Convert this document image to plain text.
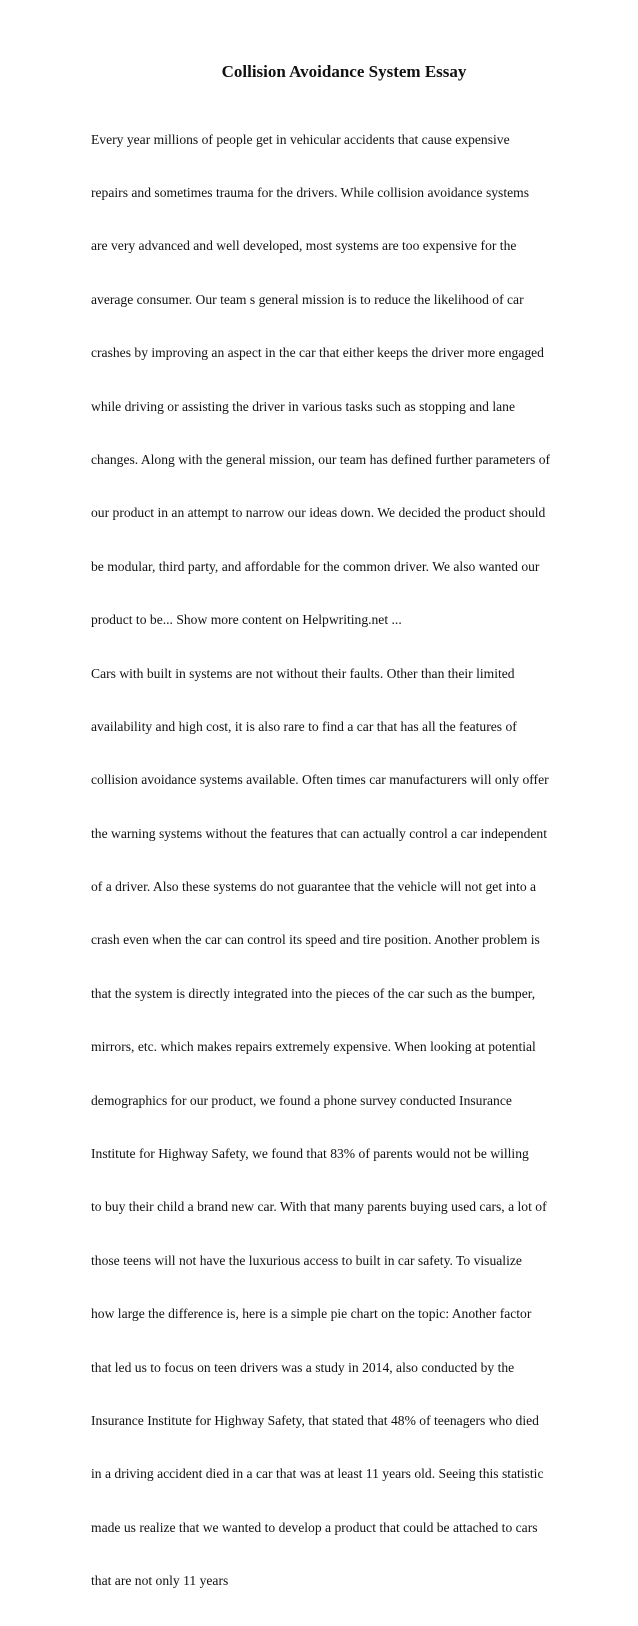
Collision Avoidance System Essay

Every year millions of people get in vehicular accidents that cause expensive

repairs and sometimes trauma for the drivers. While collision avoidance systems

are very advanced and well developed, most systems are too expensive for the

average consumer. Our team s general mission is to reduce the likelihood of car

crashes by improving an aspect in the car that either keeps the driver more engaged

while driving or assisting the driver in various tasks such as stopping and lane

changes. Along with the general mission, our team has defined further parameters of

our product in an attempt to narrow our ideas down. We decided the product should

be modular, third party, and affordable for the common driver. We also wanted our

product to be... Show more content on Helpwriting.net ...

Cars with built in systems are not without their faults. Other than their limited

availability and high cost, it is also rare to find a car that has all the features of

collision avoidance systems available. Often times car manufacturers will only offer

the warning systems without the features that can actually control a car independent

of a driver. Also these systems do not guarantee that the vehicle will not get into a

crash even when the car can control its speed and tire position. Another problem is

that the system is directly integrated into the pieces of the car such as the bumper,

mirrors, etc. which makes repairs extremely expensive. When looking at potential

demographics for our product, we found a phone survey conducted Insurance

Institute for Highway Safety, we found that 83% of parents would not be willing

to buy their child a brand new car. With that many parents buying used cars, a lot of

those teens will not have the luxurious access to built in car safety. To visualize

how large the difference is, here is a simple pie chart on the topic: Another factor

that led us to focus on teen drivers was a study in 2014, also conducted by the

Insurance Institute for Highway Safety, that stated that 48% of teenagers who died

in a driving accident died in a car that was at least 11 years old. Seeing this statistic

made us realize that we wanted to develop a product that could be attached to cars

that are not only 11 years
